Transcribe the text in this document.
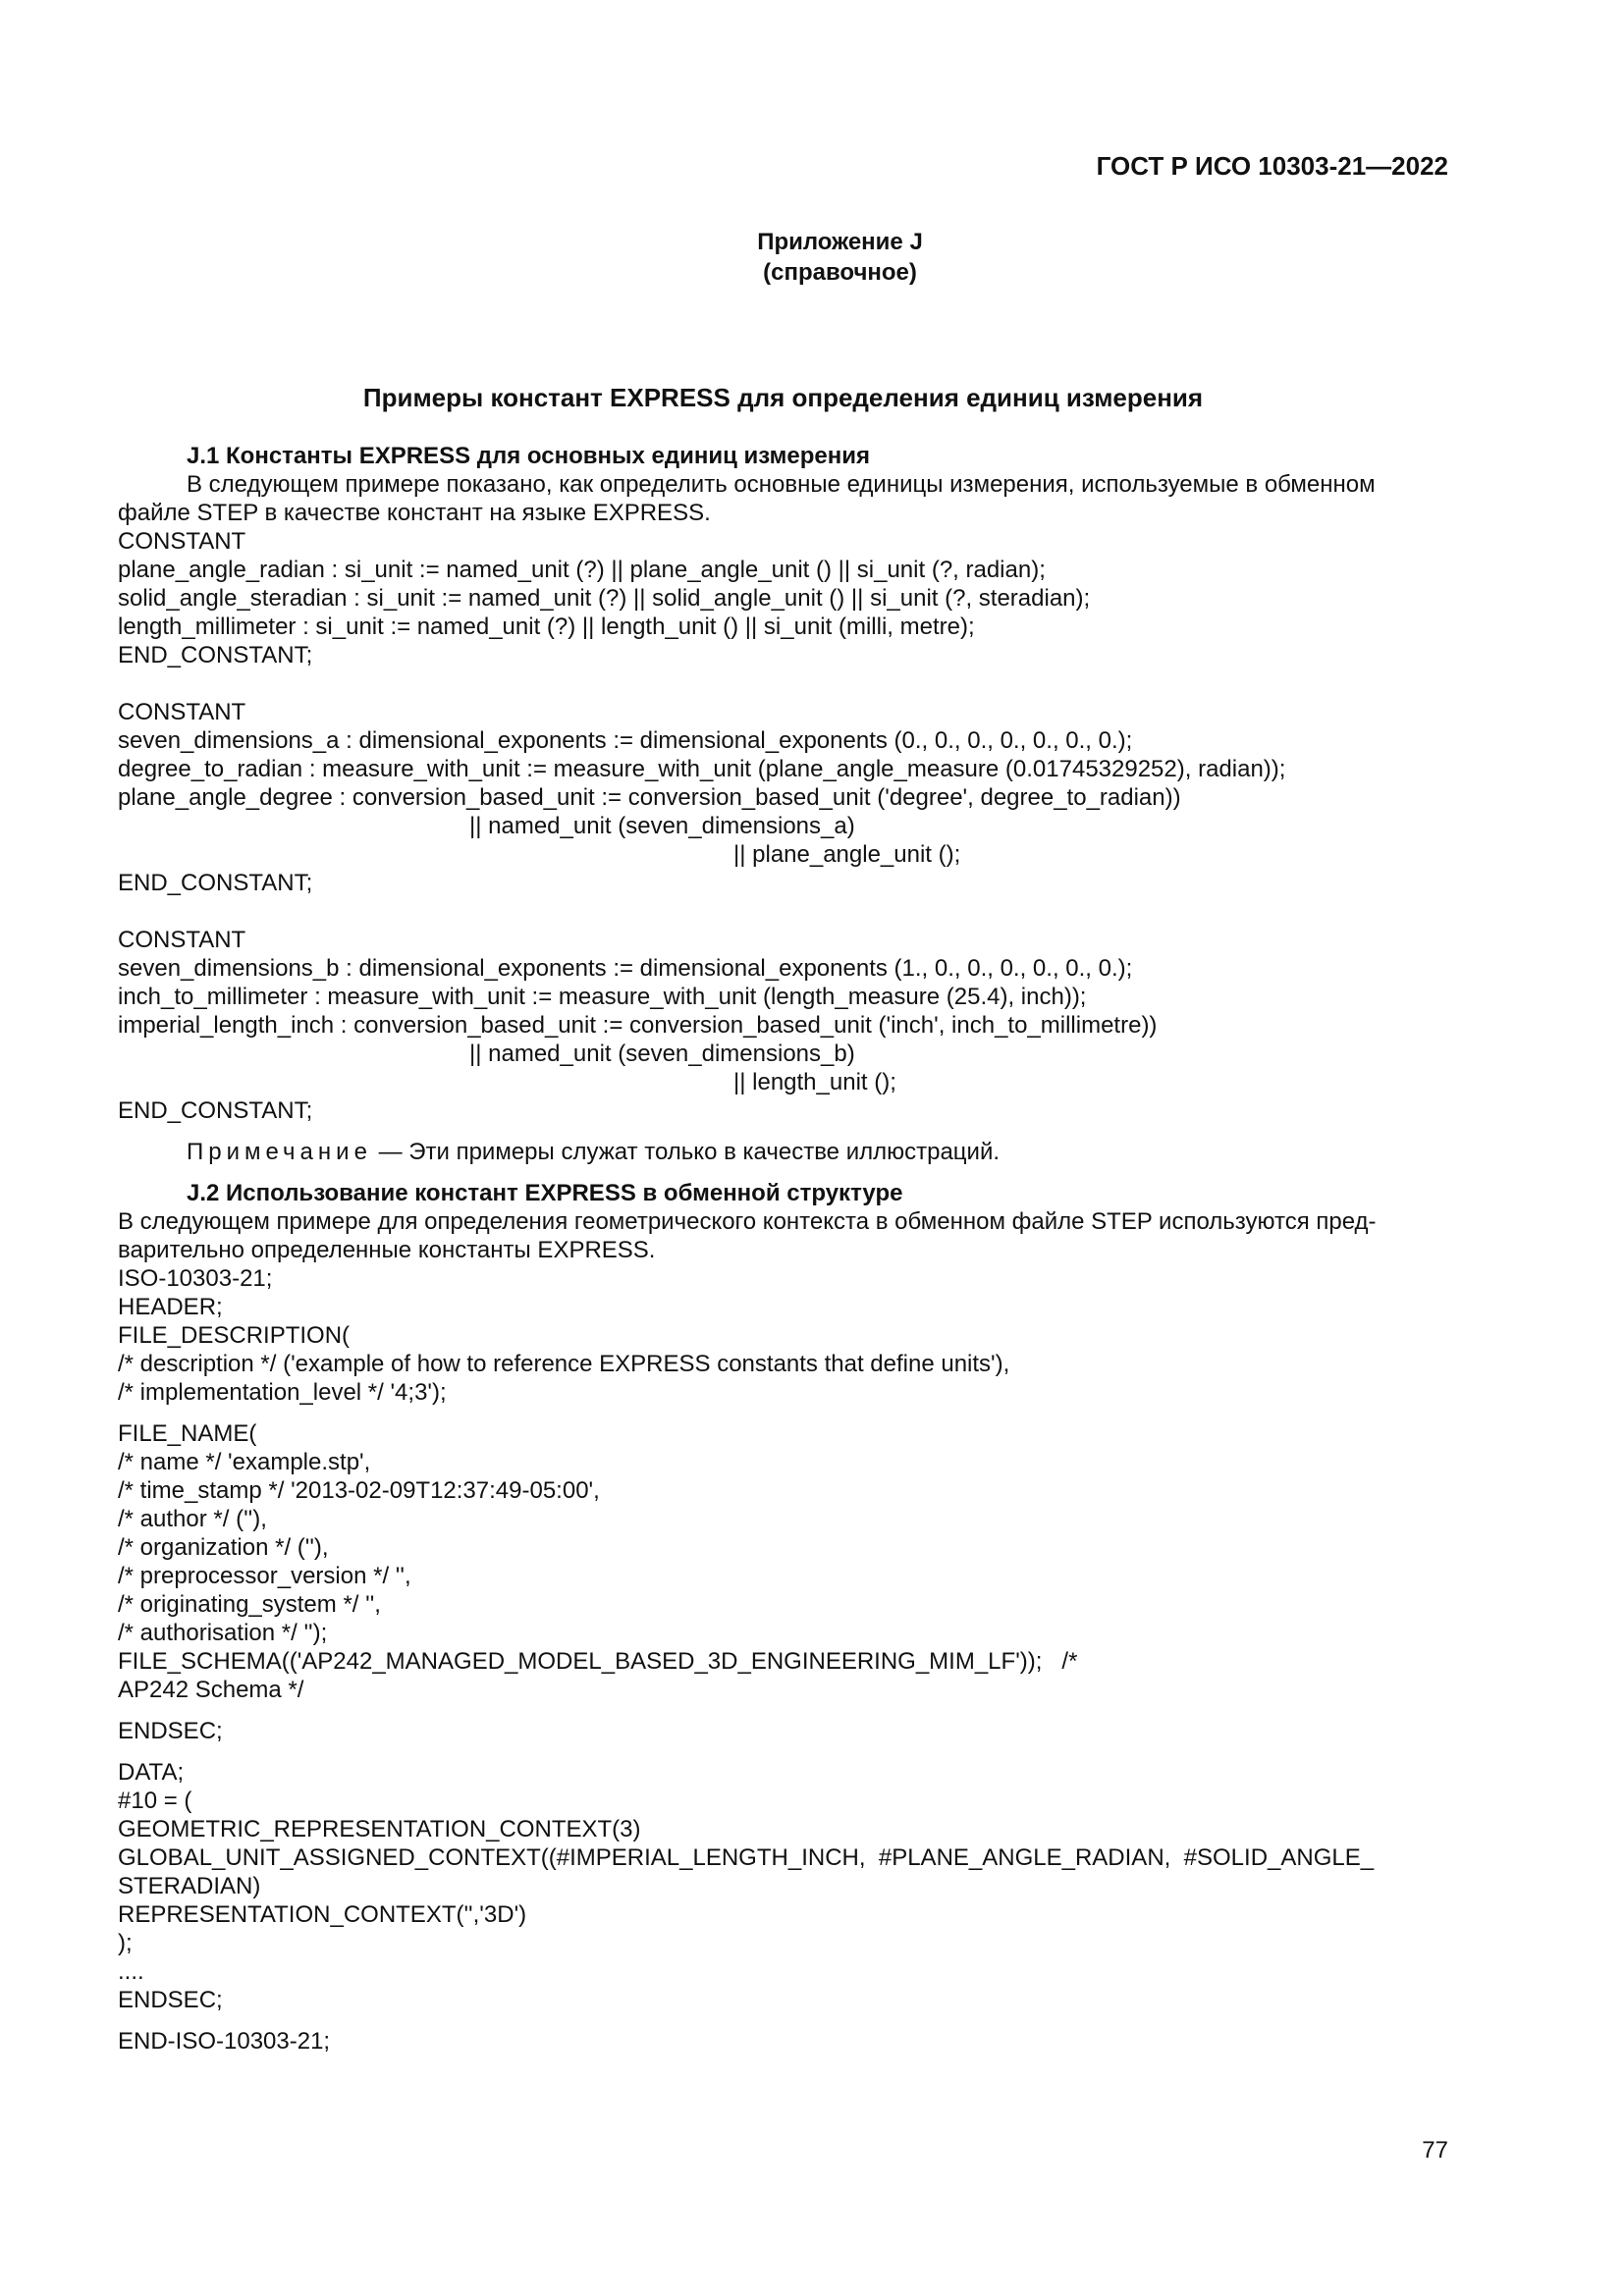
ГОСТ Р ИСО 10303-21—2022
Приложение J
(справочное)
Примеры констант EXPRESS для определения единиц измерения
J.1 Константы EXPRESS для основных единиц измерения
В следующем примере показано, как определить основные единицы измерения, используемые в обменном файле STEP в качестве констант на языке EXPRESS.
CONSTANT
plane_angle_radian : si_unit := named_unit (?) || plane_angle_unit () || si_unit (?, radian);
solid_angle_steradian : si_unit := named_unit (?) || solid_angle_unit () || si_unit (?, steradian);
length_millimeter : si_unit := named_unit (?) || length_unit () || si_unit (milli, metre);
END_CONSTANT;
CONSTANT
seven_dimensions_a : dimensional_exponents := dimensional_exponents (0., 0., 0., 0., 0., 0., 0.);
degree_to_radian : measure_with_unit := measure_with_unit (plane_angle_measure (0.01745329252), radian));
plane_angle_degree : conversion_based_unit := conversion_based_unit ('degree', degree_to_radian))
|| named_unit (seven_dimensions_a)
|| plane_angle_unit ();
END_CONSTANT;
CONSTANT
seven_dimensions_b : dimensional_exponents := dimensional_exponents (1., 0., 0., 0., 0., 0., 0.);
inch_to_millimeter : measure_with_unit := measure_with_unit (length_measure (25.4), inch));
imperial_length_inch : conversion_based_unit := conversion_based_unit ('inch', inch_to_millimetre))
|| named_unit (seven_dimensions_b)
|| length_unit ();
END_CONSTANT;
Примечание — Эти примеры служат только в качестве иллюстраций.
J.2 Использование констант EXPRESS в обменной структуре
В следующем примере для определения геометрического контекста в обменном файле STEP используются пред-
варительно определенные константы EXPRESS.
ISO-10303-21;
HEADER;
FILE_DESCRIPTION(
/* description */ ('example of how to reference EXPRESS constants that define units'),
/* implementation_level */ '4;3');
FILE_NAME(
/* name */ 'example.stp',
/* time_stamp */ '2013-02-09T12:37:49-05:00',
/* author */ (''),
/* organization */ (''),
/* preprocessor_version */ '',
/* originating_system */ '',
/* authorisation */ '');
FILE_SCHEMA(('AP242_MANAGED_MODEL_BASED_3D_ENGINEERING_MIM_LF'));   /*
AP242 Schema */
ENDSEC;
DATA;
#10 = (
GEOMETRIC_REPRESENTATION_CONTEXT(3)
GLOBAL_UNIT_ASSIGNED_CONTEXT((#IMPERIAL_LENGTH_INCH,  #PLANE_ANGLE_RADIAN,  #SOLID_ANGLE_
STERADIAN)
REPRESENTATION_CONTEXT('','3D')
);
....
ENDSEC;
END-ISO-10303-21;
77
